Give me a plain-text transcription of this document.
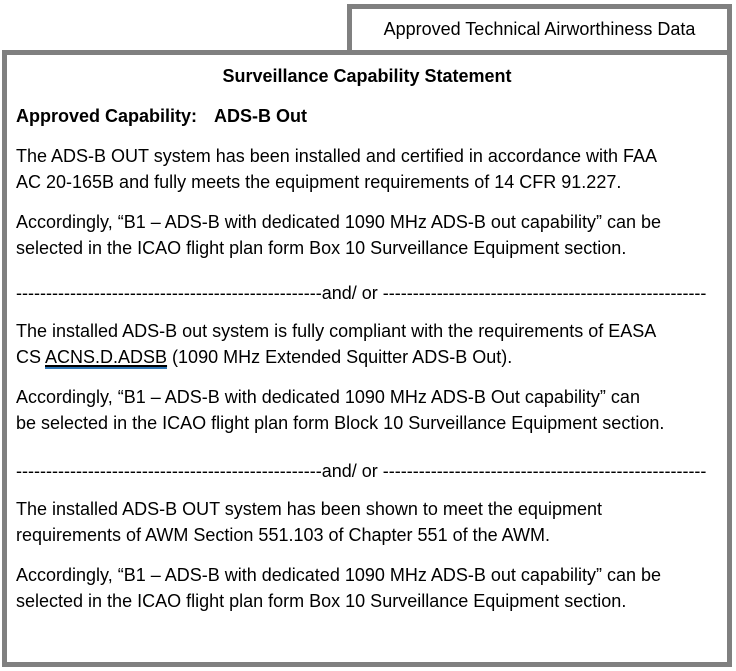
Approved Technical Airworthiness Data
Surveillance Capability Statement
Approved Capability: ADS-B Out
The ADS-B OUT system has been installed and certified in accordance with FAA
AC 20-165B and fully meets the equipment requirements of 14 CFR 91.227.
Accordingly, “B1 – ADS-B with dedicated 1090 MHz ADS-B out capability” can be
selected in the ICAO flight plan form Box 10 Surveillance Equipment section.
---------------------------------------------------and/ or ------------------------------------------------------
The installed ADS-B out system is fully compliant with the requirements of EASA
CS ACNS.D.ADSB (1090 MHz Extended Squitter ADS-B Out).
Accordingly, “B1 – ADS-B with dedicated 1090 MHz ADS-B Out capability” can
be selected in the ICAO flight plan form Block 10 Surveillance Equipment section.
---------------------------------------------------and/ or ------------------------------------------------------
The installed ADS-B OUT system has been shown to meet the equipment
requirements of AWM Section 551.103 of Chapter 551 of the AWM.
Accordingly, “B1 – ADS-B with dedicated 1090 MHz ADS-B out capability” can be
selected in the ICAO flight plan form Box 10 Surveillance Equipment section.
